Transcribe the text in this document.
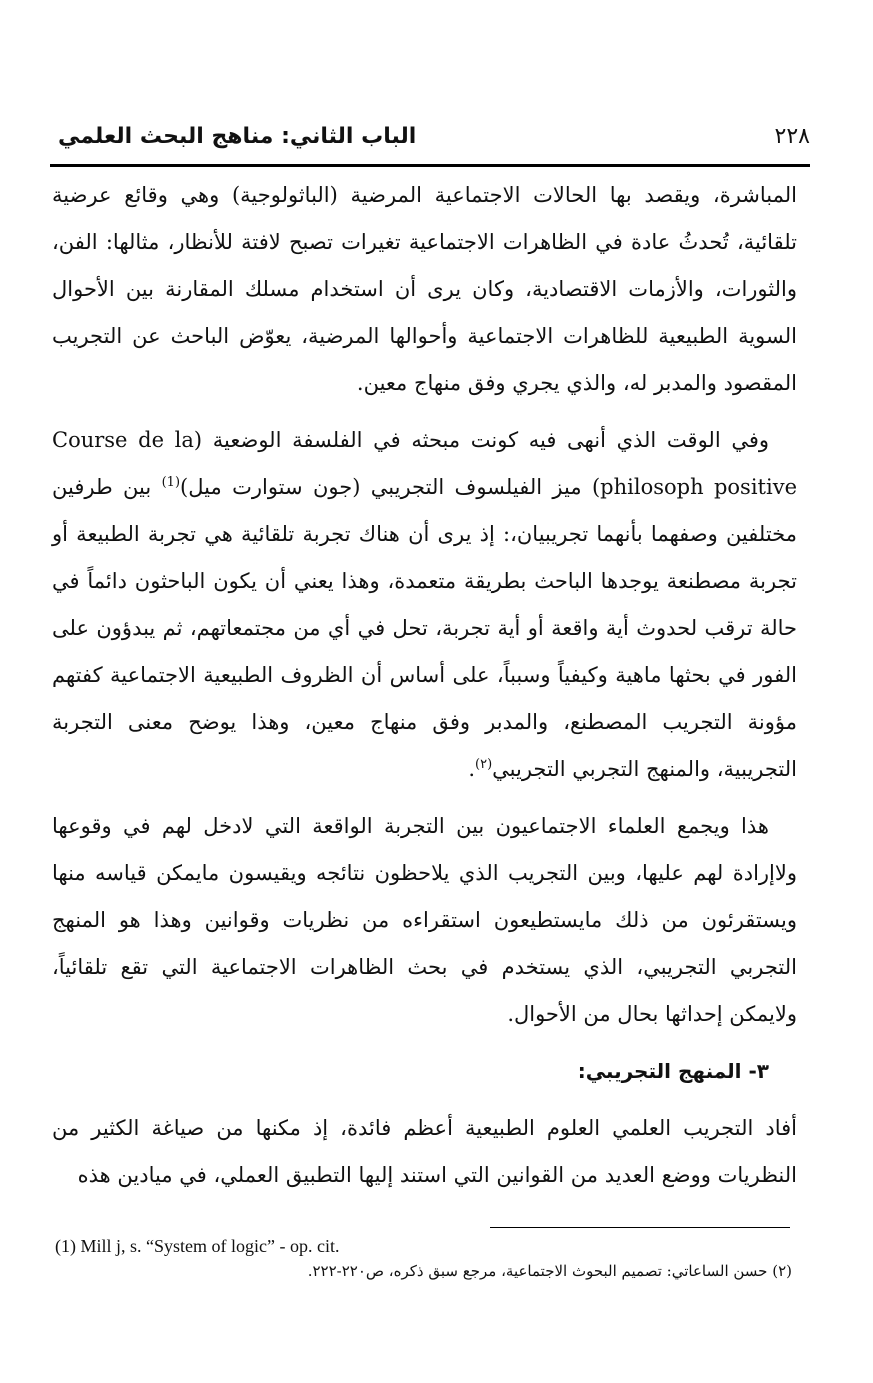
٢٢٨
الباب الثاني: مناهج البحث العلمي

المباشرة، ويقصد بها الحالات الاجتماعية المرضية (الباثولوجية) وهي وقائع عرضية تلقائية، تُحدثُ عادة في الظاهرات الاجتماعية تغيرات تصبح لافتة للأنظار، مثالها: الفن، والثورات، والأزمات الاقتصادية، وكان يرى أن استخدام مسلك المقارنة بين الأحوال السوية الطبيعية للظاهرات الاجتماعية وأحوالها المرضية، يعوّض الباحث عن التجريب المقصود والمدبر له، والذي يجري وفق منهاج معين.

وفي الوقت الذي أنهى فيه كونت مبحثه في الفلسفة الوضعية (Course de la philosoph positive) ميز الفيلسوف التجريبي (جون ستوارت ميل)$^{(1)}$ بين طرفين مختلفين وصفهما بأنهما تجريبيان،: إذ يرى أن هناك تجربة تلقائية هي تجربة الطبيعة أو تجربة مصطنعة يوجدها الباحث بطريقة متعمدة، وهذا يعني أن يكون الباحثون دائماً في حالة ترقب لحدوث أية واقعة أو أية تجربة، تحل في أي من مجتمعاتهم، ثم يبدؤون على الفور في بحثها ماهية وكيفياً وسبباً، على أساس أن الظروف الطبيعية الاجتماعية كفتهم مؤونة التجريب المصطنع، والمدبر وفق منهاج معين، وهذا يوضح معنى التجربة التجريبية، والمنهج التجربي التجريبي$^{(٢)}$.

هذا ويجمع العلماء الاجتماعيون بين التجربة الواقعة التي لادخل لهم في وقوعها ولاإرادة لهم عليها، وبين التجريب الذي يلاحظون نتائجه ويقيسون مايمكن قياسه منها ويستقرئون من ذلك مايستطيعون استقراءه من نظريات وقوانين وهذا هو المنهج التجربي التجريبي، الذي يستخدم في بحث الظاهرات الاجتماعية التي تقع تلقائياً، ولايمكن إحداثها بحال من الأحوال.

٣- المنهج التجريبي:

أفاد التجريب العلمي العلوم الطبيعية أعظم فائدة، إذ مكنها من صياغة الكثير من النظريات ووضع العديد من القوانين التي استند إليها التطبيق العملي، في ميادين هذه

(1) Mill j, s. “System of logic” - op. cit.
(٢) حسن الساعاتي: تصميم البحوث الاجتماعية، مرجع سبق ذكره، ص٢٢٠-٢٢٢.
